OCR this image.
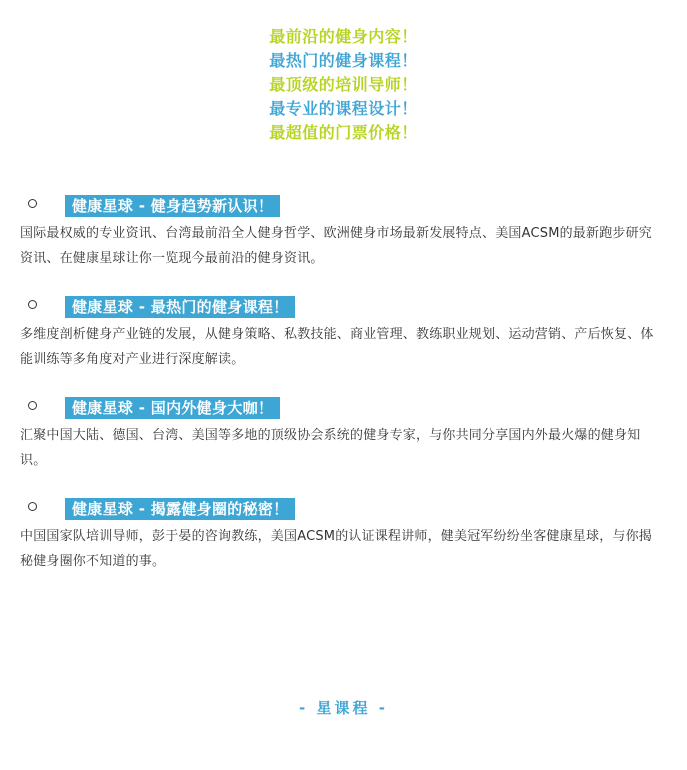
最前沿的健身内容！
最热门的健身课程！
最顶级的培训导师！
最专业的课程设计！
最超值的门票价格！
健康星球 - 健身趋势新认识！
国际最权威的专业资讯、台湾最前沿全人健身哲学、欧洲健身市场最新发展特点、美国ACSM的最新跑步研究资讯、在健康星球让你一览现今最前沿的健身资讯。
健康星球 - 最热门的健身课程！
多维度剖析健身产业链的发展，从健身策略、私教技能、商业管理、教练职业规划、运动营销、产后恢复、体能训练等多角度对产业进行深度解读。
健康星球 - 国内外健身大咖！
汇聚中国大陆、德国、台湾、美国等多地的顶级协会系统的健身专家，与你共同分享国内外最火爆的健身知识。
健康星球 - 揭露健身圈的秘密！
中国国家队培训导师，彭于晏的咨询教练，美国ACSM的认证课程讲师，健美冠军纷纷坐客健康星球，与你揭秘健身圈你不知道的事。
- 星课程 -
